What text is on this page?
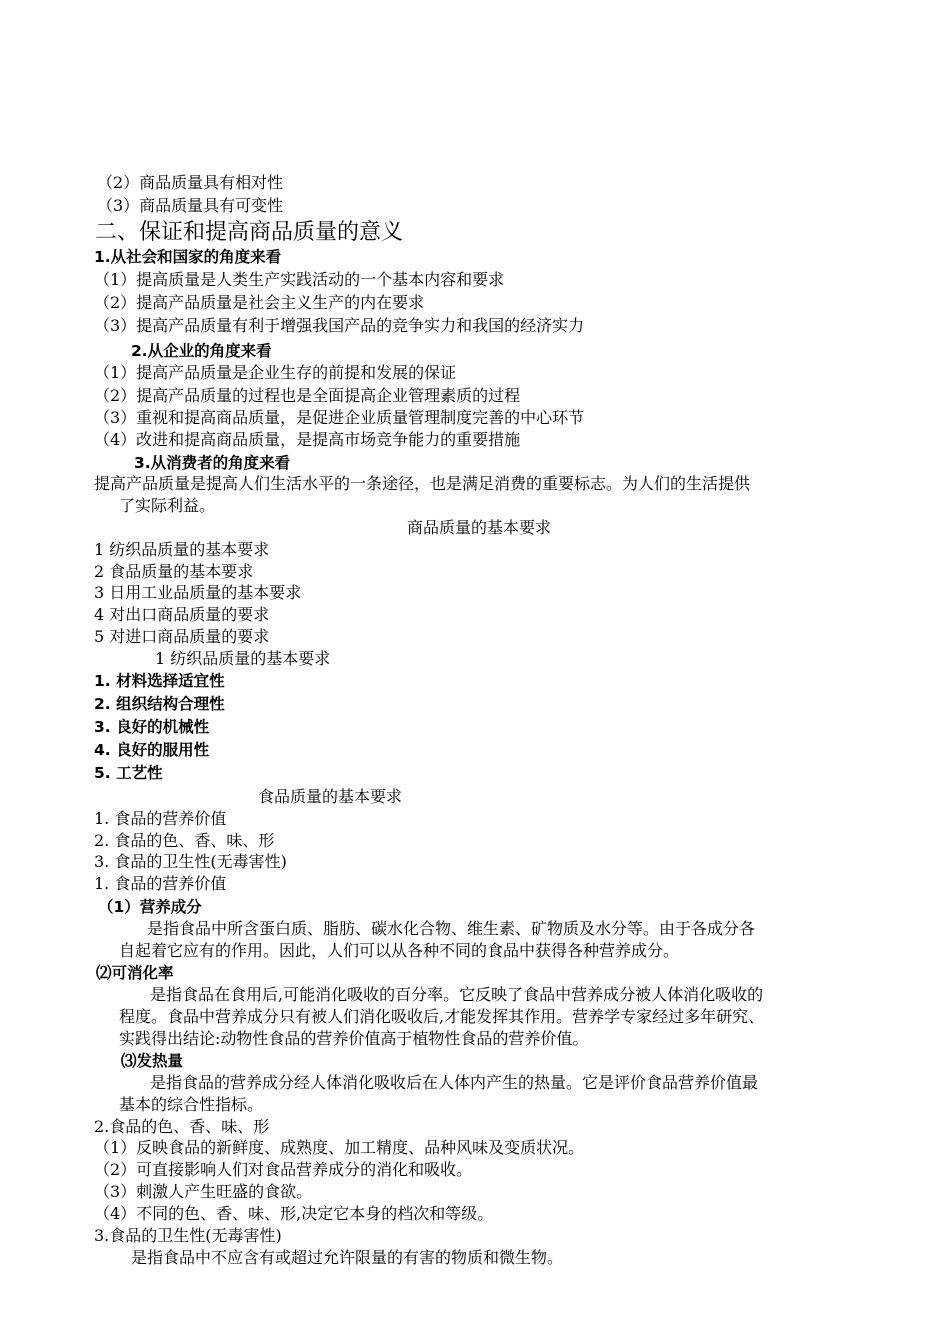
（2）商品质量具有相对性
（3）商品质量具有可变性
二、保证和提高商品质量的意义
1.从社会和国家的角度来看
（1）提高质量是人类生产实践活动的一个基本内容和要求
（2）提高产品质量是社会主义生产的内在要求
（3）提高产品质量有利于增强我国产品的竞争实力和我国的经济实力
2.从企业的角度来看
（1）提高产品质量是企业生存的前提和发展的保证
（2）提高产品质量的过程也是全面提高企业管理素质的过程
（3）重视和提高商品质量，是促进企业质量管理制度完善的中心环节
（4）改进和提高商品质量，是提高市场竞争能力的重要措施
3.从消费者的角度来看
提高产品质量是提高人们生活水平的一条途径，也是满足消费的重要标志。为人们的生活提供
了实际利益。
商品质量的基本要求
1 纺织品质量的基本要求
2 食品质量的基本要求
3 日用工业品质量的基本要求
4 对出口商品质量的要求
5 对进口商品质量的要求
1 纺织品质量的基本要求
1. 材料选择适宜性
2. 组织结构合理性
3. 良好的机械性
4. 良好的服用性
5. 工艺性
食品质量的基本要求
1. 食品的营养价值
2. 食品的色、香、味、形
3. 食品的卫生性(无毒害性)
1. 食品的营养价值
（1）营养成分
是指食品中所含蛋白质、脂肪、碳水化合物、维生素、矿物质及水分等。由于各成分各
自起着它应有的作用。因此，人们可以从各种不同的食品中获得各种营养成分。
⑵可消化率
是指食品在食用后,可能消化吸收的百分率。它反映了食品中营养成分被人体消化吸收的
程度。食品中营养成分只有被人们消化吸收后,才能发挥其作用。营养学专家经过多年研究、
实践得出结论:动物性食品的营养价值高于植物性食品的营养价值。
⑶发热量
是指食品的营养成分经人体消化吸收后在人体内产生的热量。它是评价食品营养价值最
基本的综合性指标。
2.食品的色、香、味、形
（1）反映食品的新鲜度、成熟度、加工精度、品种风味及变质状况。
（2）可直接影响人们对食品营养成分的消化和吸收。
（3）刺激人产生旺盛的食欲。
（4）不同的色、香、味、形,决定它本身的档次和等级。
3.食品的卫生性(无毒害性)
是指食品中不应含有或超过允许限量的有害的物质和微生物。
